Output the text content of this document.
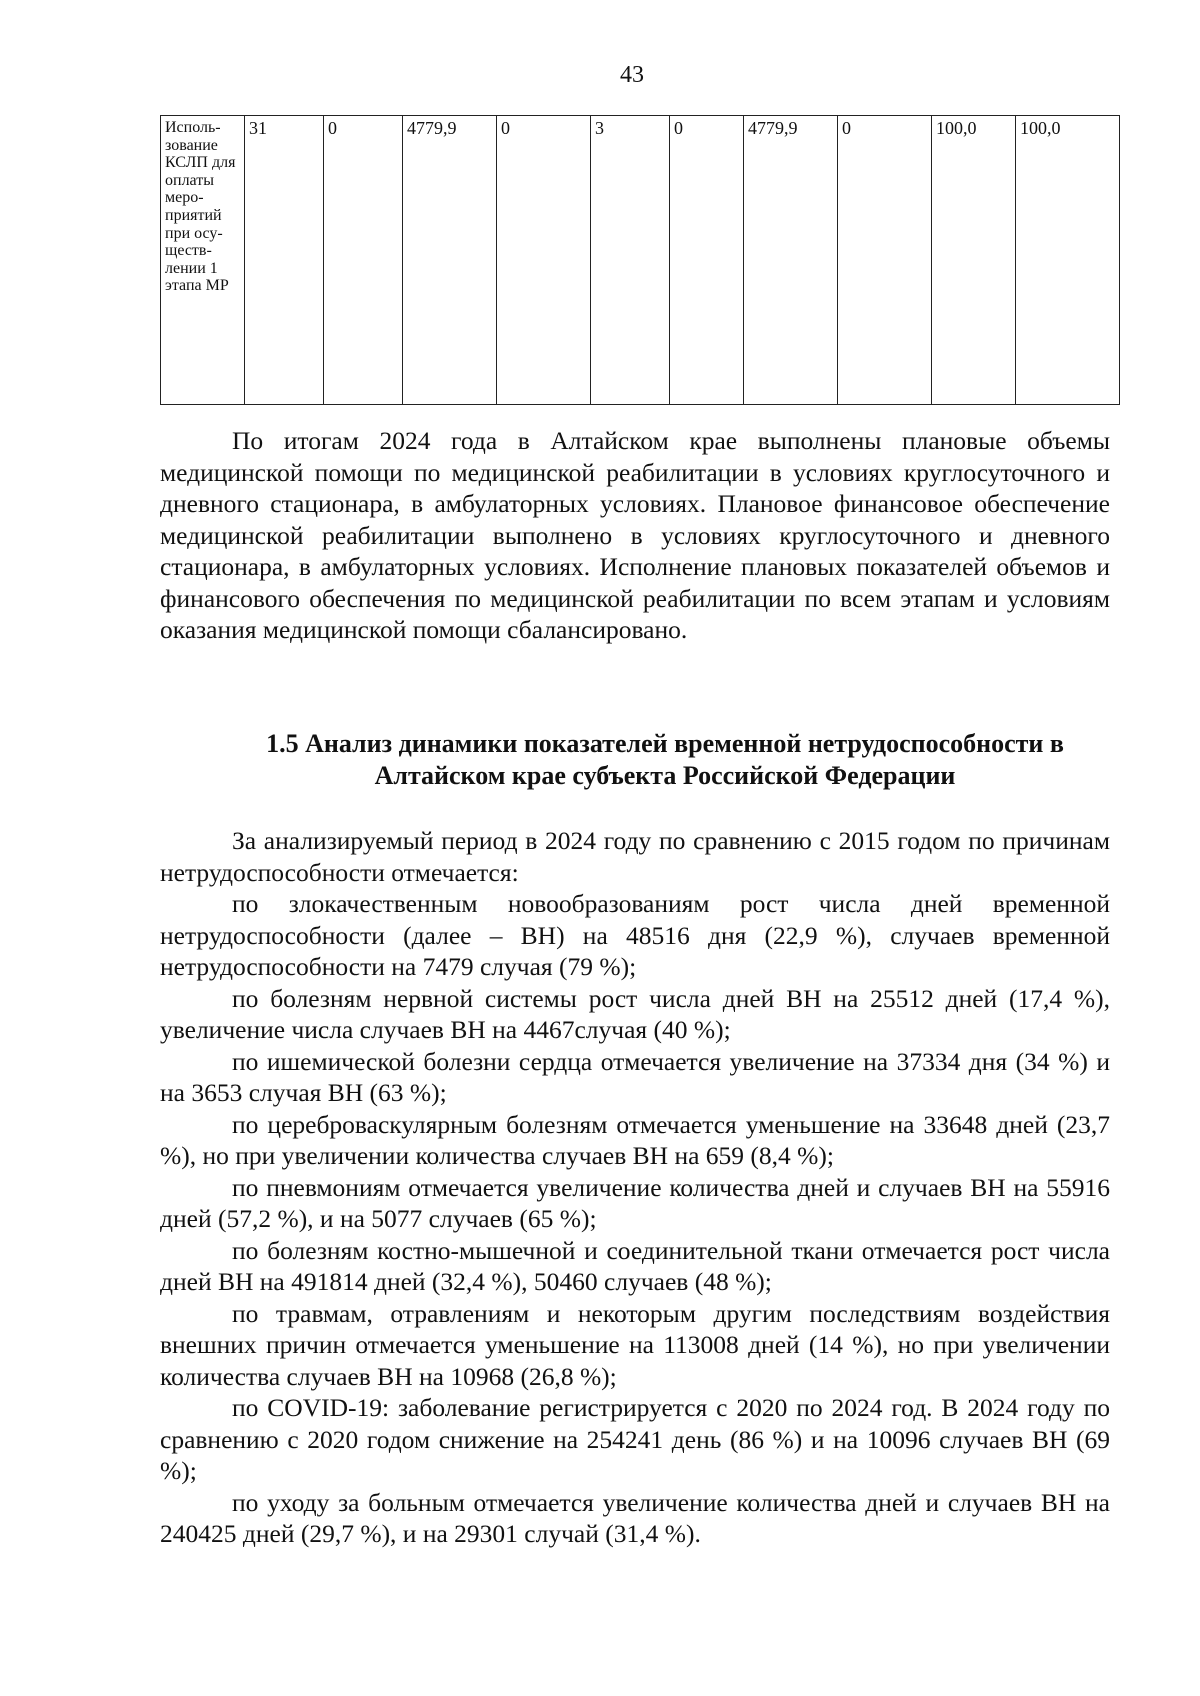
43
Исполь-зование КСЛП для оплаты меро-приятий при осу-ществ-лении 1 этапа МР	31	0	4779,9	0	3	0	4779,9	0	100,0	100,0

По итогам 2024 года в Алтайском крае выполнены плановые объемы медицинской помощи по медицинской реабилитации в условиях круглосуточного и дневного стационара, в амбулаторных условиях. Плановое финансовое обеспечение медицинской реабилитации выполнено в условиях круглосуточного и дневного стационара, в амбулаторных условиях. Исполнение плановых показателей объемов и финансового обеспечения по медицинской реабилитации по всем этапам и условиям оказания медицинской помощи сбалансировано.

1.5 Анализ динамики показателей временной нетрудоспособности в Алтайском крае субъекта Российской Федерации

За анализируемый период в 2024 году по сравнению с 2015 годом по причинам нетрудоспособности отмечается:

по злокачественным новообразованиям рост числа дней временной нетрудоспособности (далее – ВН) на 48516 дня (22,9 %), случаев временной нетрудоспособности на 7479 случая (79 %);

по болезням нервной системы рост числа дней ВН на 25512 дней (17,4 %), увеличение числа случаев ВН на 4467случая (40 %);

по ишемической болезни сердца отмечается увеличение на 37334 дня (34 %) и на 3653 случая ВН (63 %);

по цереброваскулярным болезням отмечается уменьшение на 33648 дней (23,7 %), но при увеличении количества случаев ВН на 659 (8,4 %);

по пневмониям отмечается увеличение количества дней и случаев ВН на 55916 дней (57,2 %), и на 5077 случаев (65 %);

по болезням костно-мышечной и соединительной ткани отмечается рост числа дней ВН на 491814 дней (32,4 %), 50460 случаев (48 %);

по травмам, отравлениям и некоторым другим последствиям воздействия внешних причин отмечается уменьшение на 113008 дней (14 %), но при увеличении количества случаев ВН на 10968 (26,8 %);

по COVID-19: заболевание регистрируется с 2020 по 2024 год. В 2024 году по сравнению с 2020 годом снижение на 254241 день (86 %) и на 10096 случаев ВН (69 %);

по уходу за больным отмечается увеличение количества дней и случаев ВН на 240425 дней (29,7 %), и на 29301 случай (31,4 %).
